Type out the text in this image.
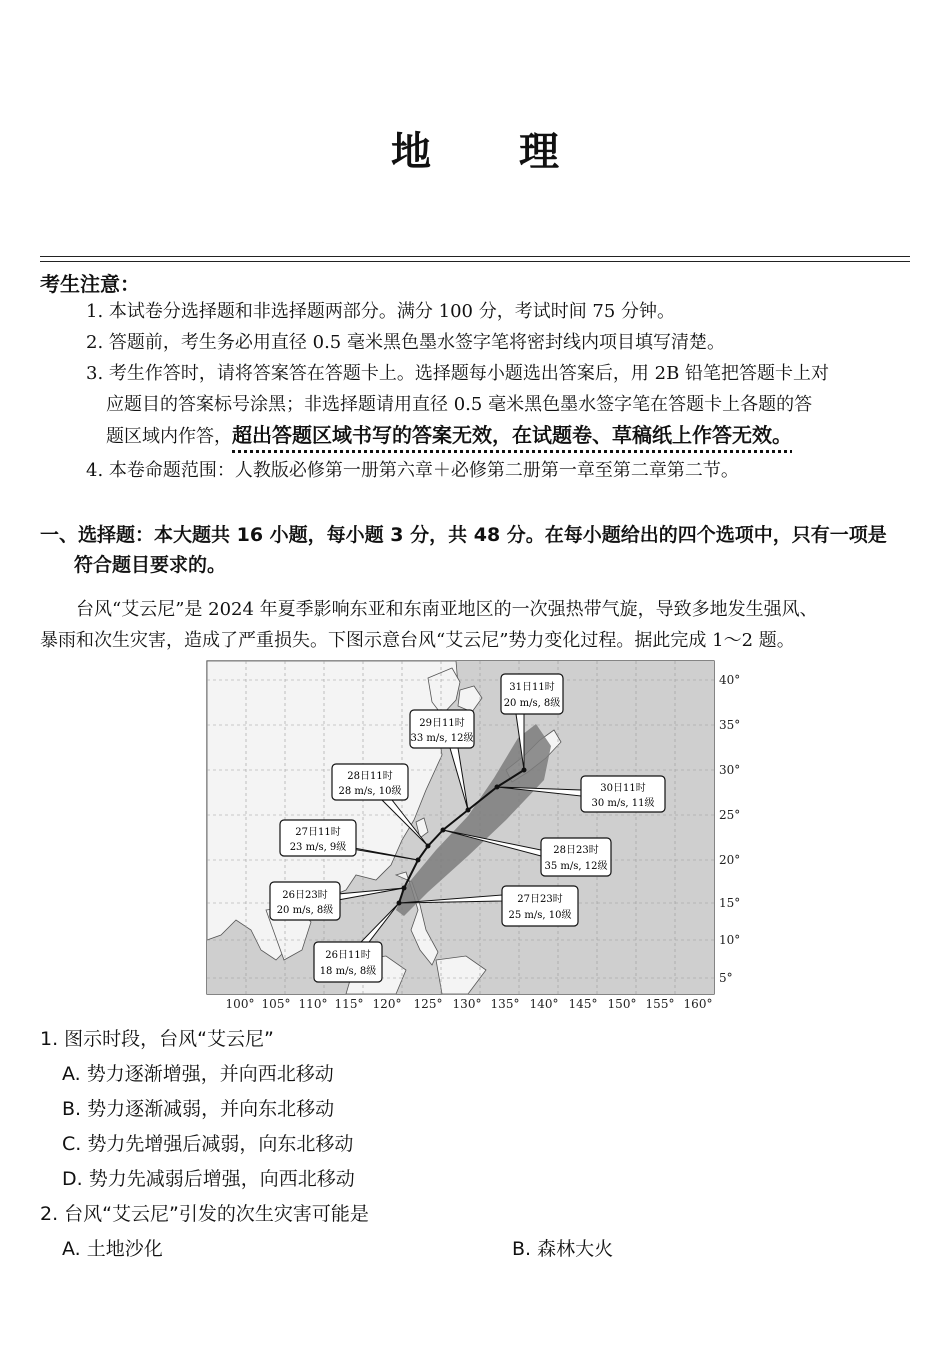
地 理
考生注意：
1. 本试卷分选择题和非选择题两部分。满分 100 分，考试时间 75 分钟。
2. 答题前，考生务必用直径 0.5 毫米黑色墨水签字笔将密封线内项目填写清楚。
3. 考生作答时，请将答案答在答题卡上。选择题每小题选出答案后，用 2B 铅笔把答题卡上对
应题目的答案标号涂黑；非选择题请用直径 0.5 毫米黑色墨水签字笔在答题卡上各题的答
题区域内作答，超出答题区域书写的答案无效，在试题卷、草稿纸上作答无效。
4. 本卷命题范围：人教版必修第一册第六章＋必修第二册第一章至第二章第二节。
一、选择题：本大题共 16 小题，每小题 3 分，共 48 分。在每小题给出的四个选项中，只有一项是
符合题目要求的。
台风“艾云尼”是 2024 年夏季影响东亚和东南亚地区的一次强热带气旋，导致多地发生强风、
暴雨和次生灾害，造成了严重损失。下图示意台风“艾云尼”势力变化过程。据此完成 1～2 题。
31日11时
20 m/s, 8级
29日11时
33 m/s, 12级
28日11时
28 m/s, 10级	30日11时
30 m/s, 11级
27日11时
23 m/s, 9级	28日23时
35 m/s, 12级
26日23时
20 m/s, 8级
27日23时
25 m/s, 10级
26日11时
18 m/s, 8级
100° 105° 110° 115° 120° 125° 130° 135° 140° 145° 150° 155° 160°
40°
35°
30°
25°
20°
15°
10°
5°
1. 图示时段，台风“艾云尼”
A. 势力逐渐增强，并向西北移动
B. 势力逐渐减弱，并向东北移动
C. 势力先增强后减弱，向东北移动
D. 势力先减弱后增强，向西北移动
2. 台风“艾云尼”引发的次生灾害可能是
A. 土地沙化	B. 森林大火
